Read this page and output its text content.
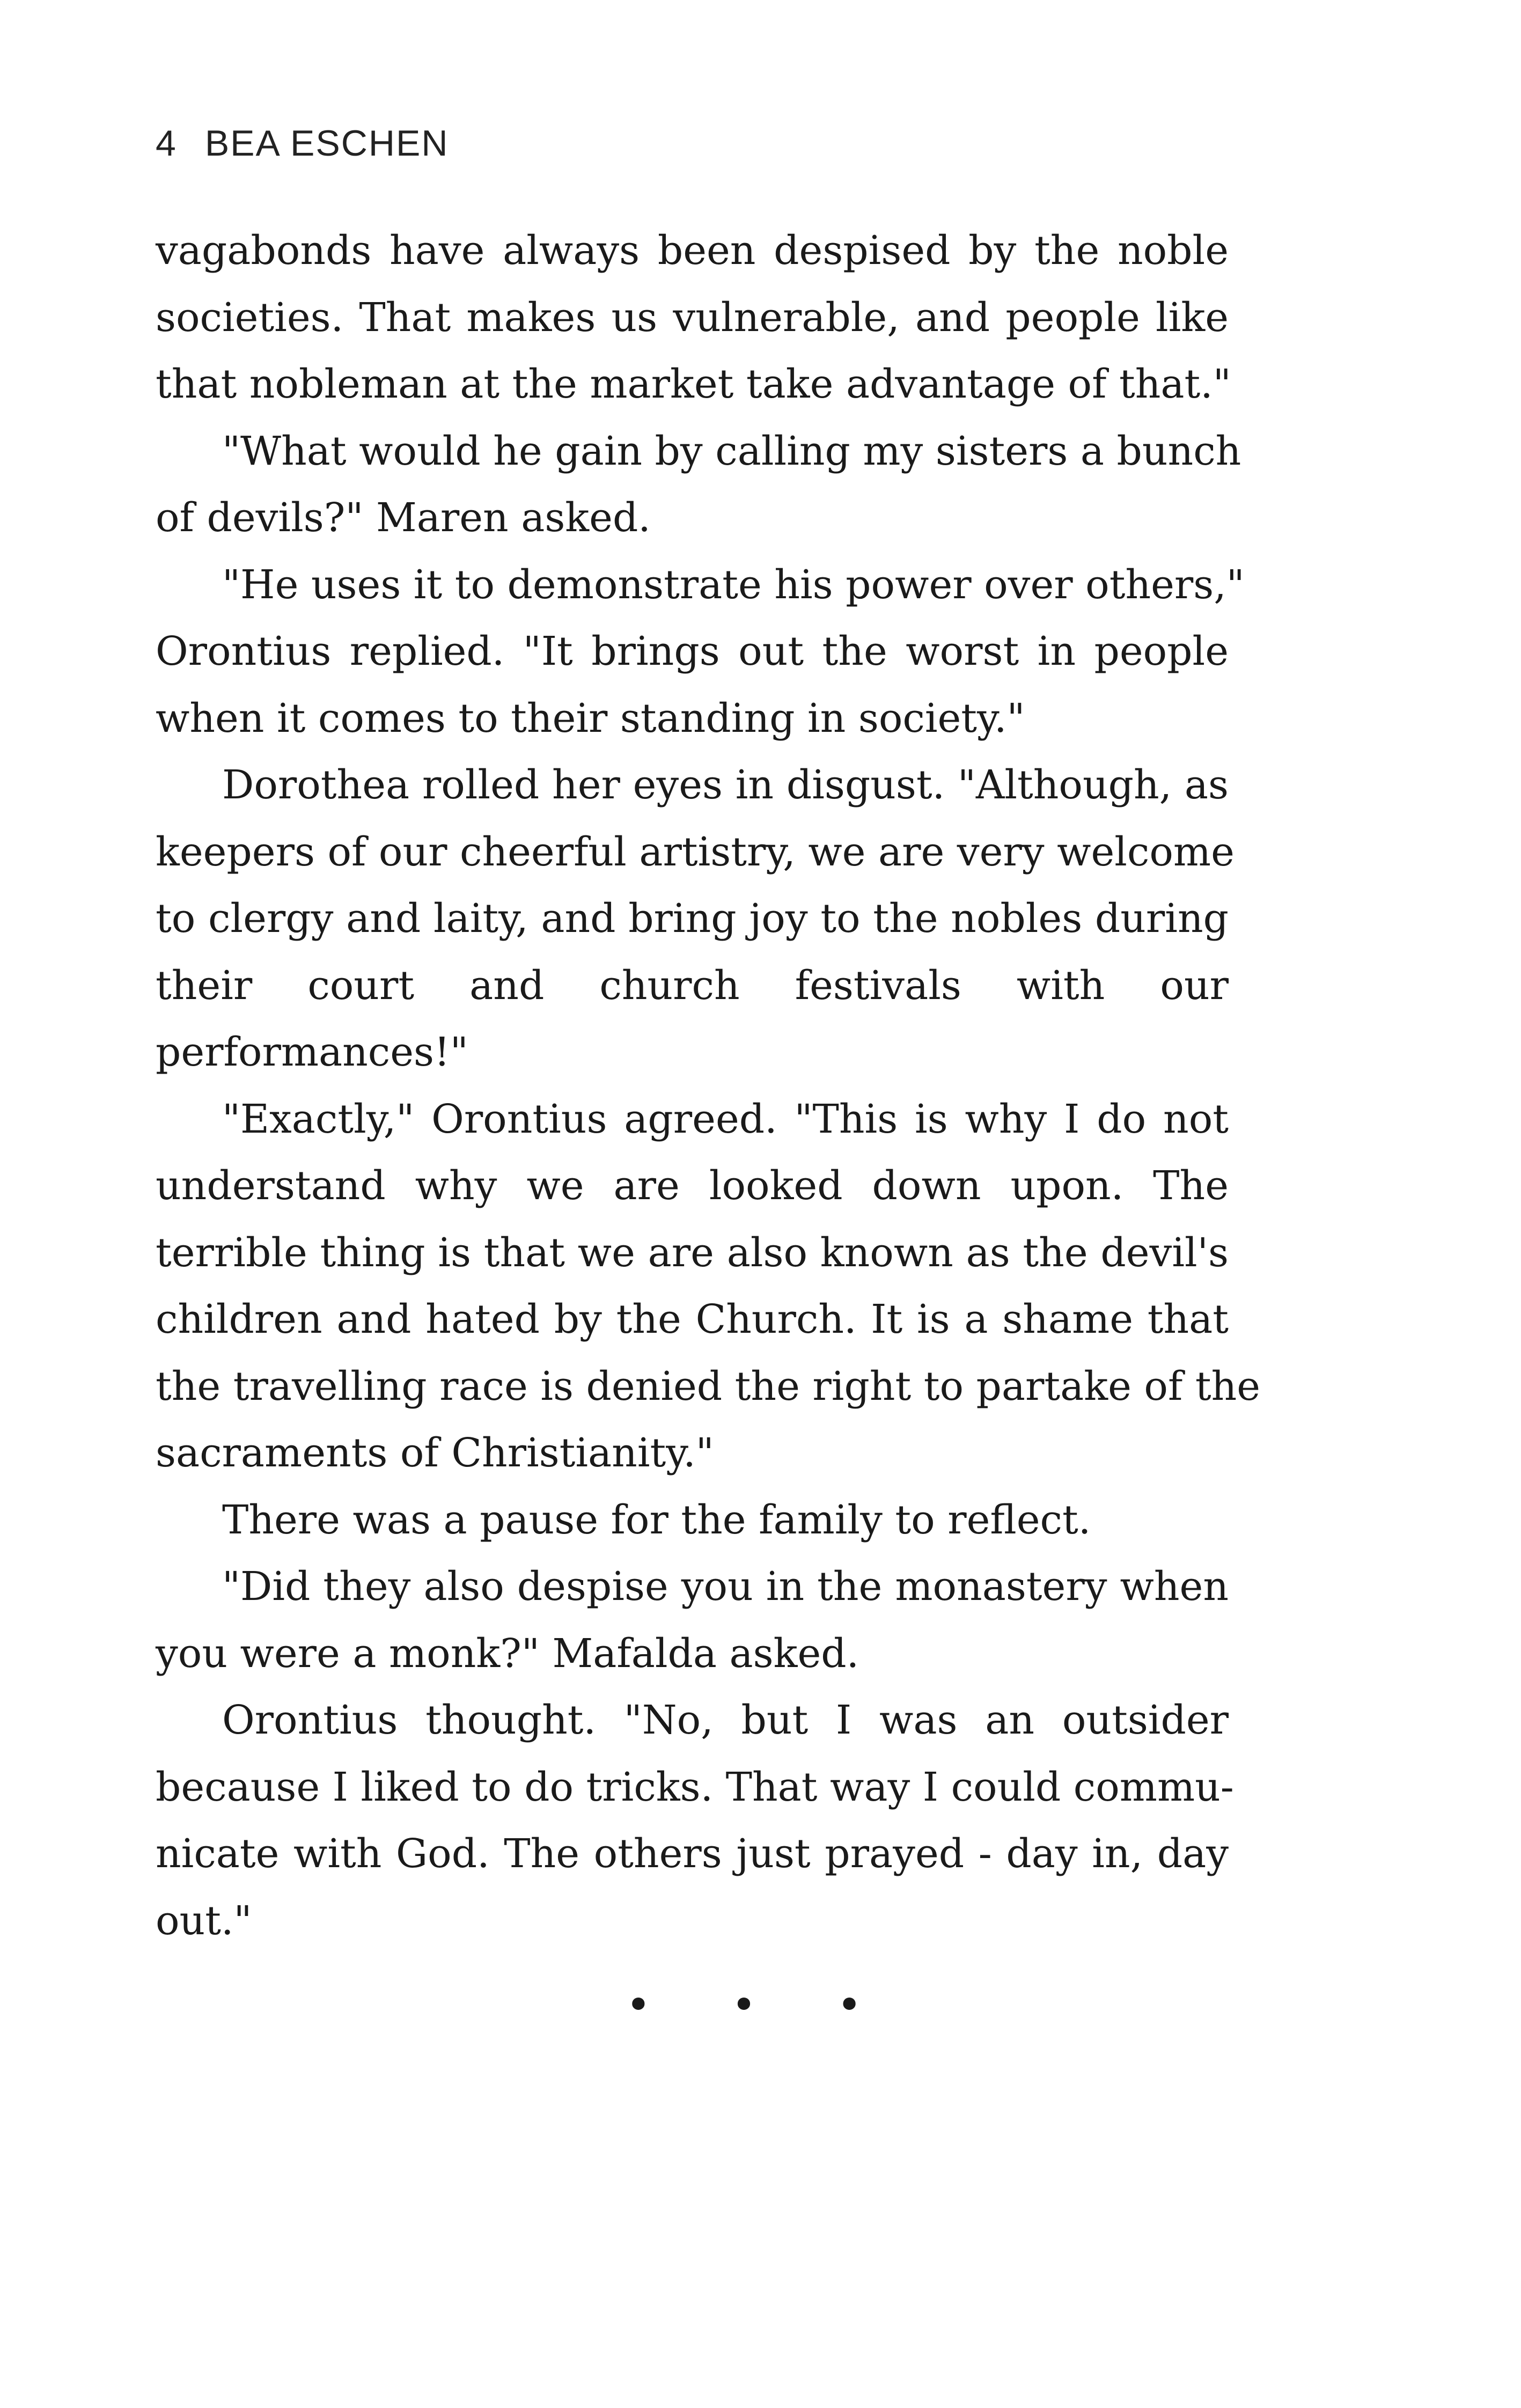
4 BEA ESCHEN
vagabonds have always been despised by the noble
societies. That makes us vulnerable, and people like
that nobleman at the market take advantage of that."
"What would he gain by calling my sisters a bunch
of devils?" Maren asked.
"He uses it to demonstrate his power over others,"
Orontius replied. "It brings out the worst in people
when it comes to their standing in society."
Dorothea rolled her eyes in disgust. "Although, as
keepers of our cheerful artistry, we are very welcome
to clergy and laity, and bring joy to the nobles during
their court and church festivals with our
performances!"
"Exactly," Orontius agreed. "This is why I do not
understand why we are looked down upon. The
terrible thing is that we are also known as the devil's
children and hated by the Church. It is a shame that
the travelling race is denied the right to partake of the
sacraments of Christianity."
There was a pause for the family to reflect.
"Did they also despise you in the monastery when
you were a monk?" Mafalda asked.
Orontius thought. "No, but I was an outsider
because I liked to do tricks. That way I could commu-
nicate with God. The others just prayed - day in, day
out."
• • •
